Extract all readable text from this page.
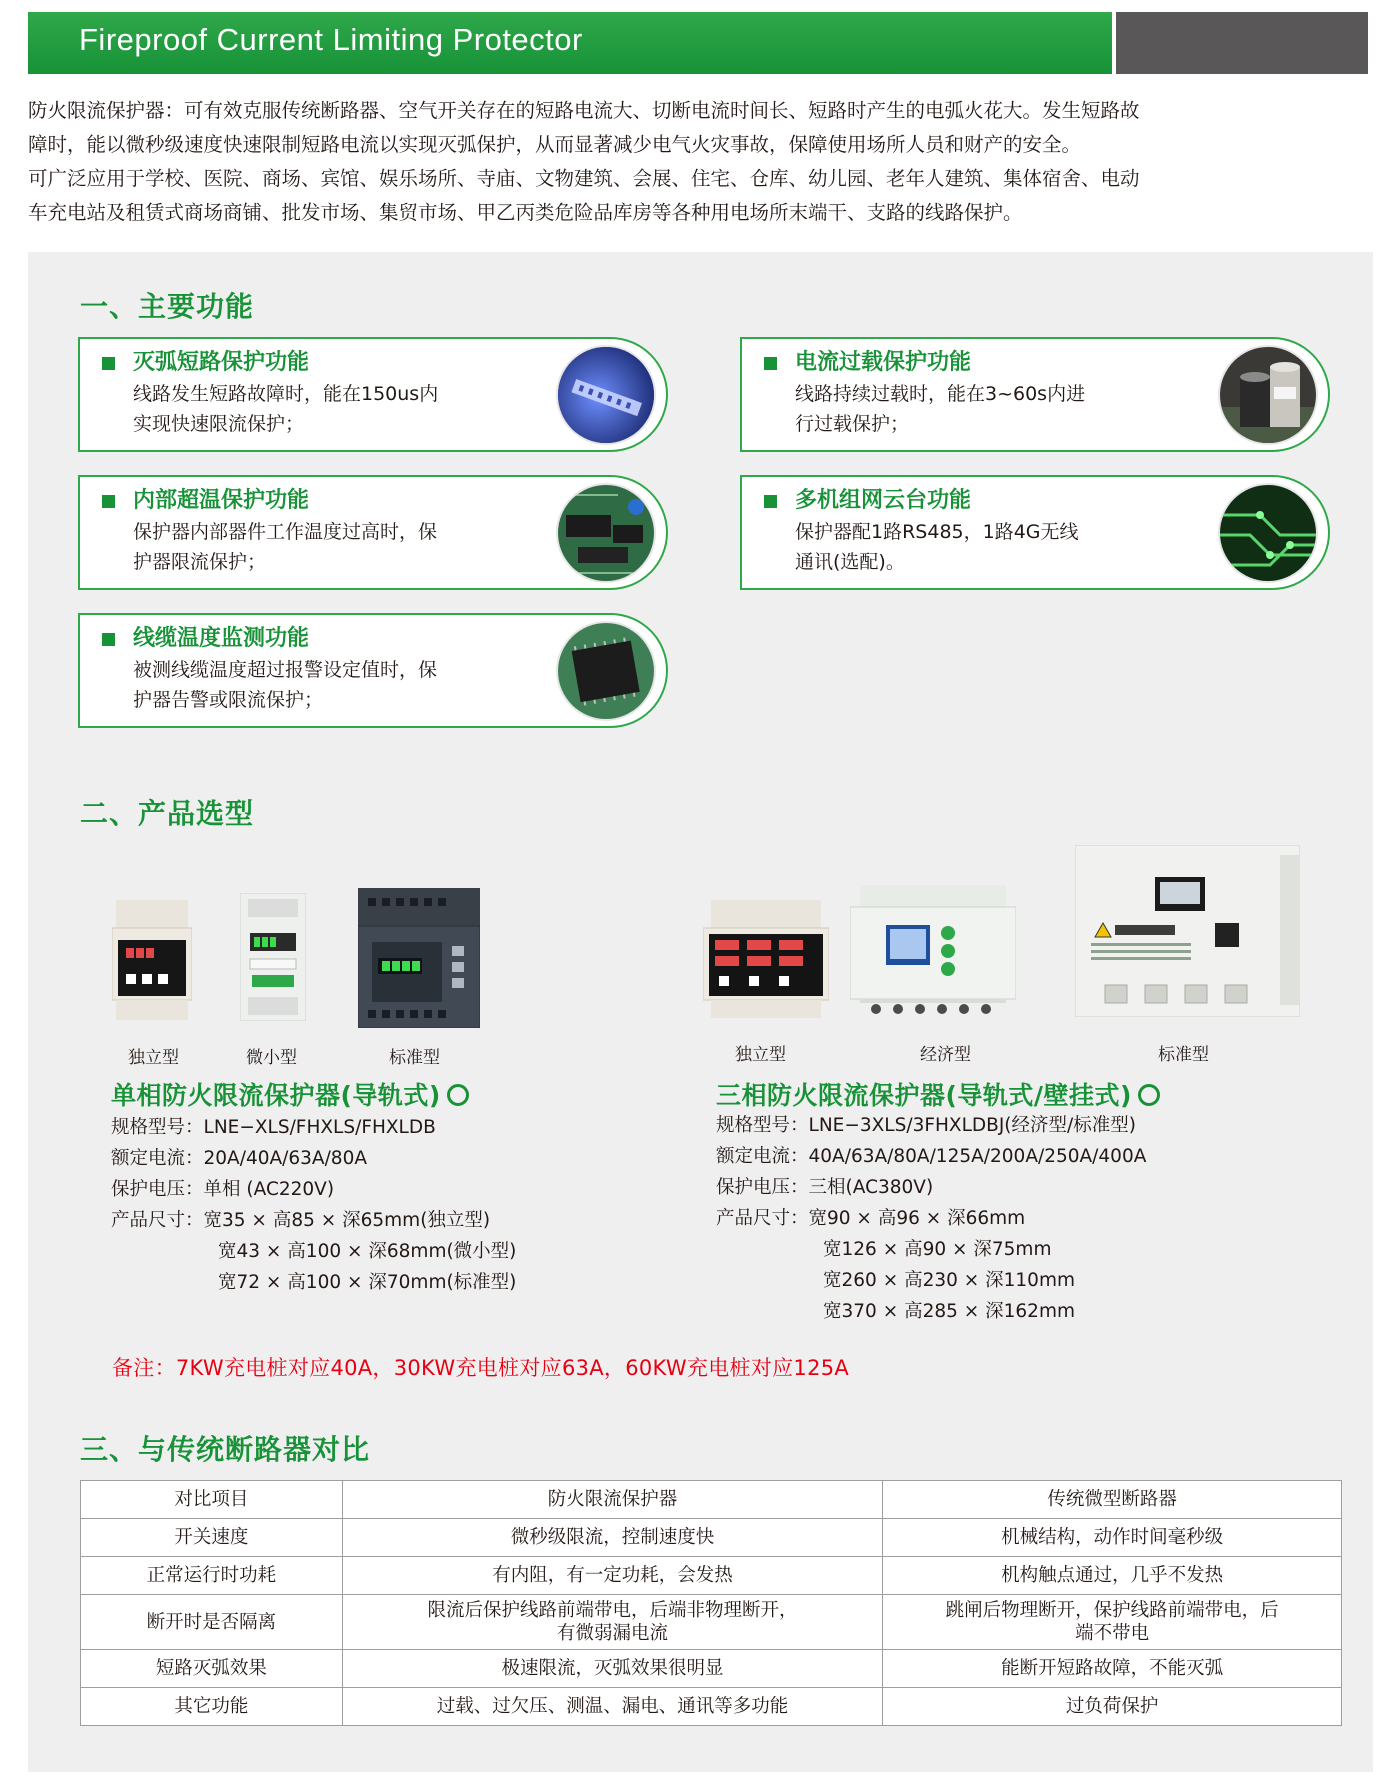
Fireproof Current Limiting Protector

防火限流保护器：可有效克服传统断路器、空气开关存在的短路电流大、切断电流时间长、短路时产生的电弧火花大。发生短路故

障时，能以微秒级速度快速限制短路电流以实现灭弧保护，从而显著减少电气火灾事故，保障使用场所人员和财产的安全。

可广泛应用于学校、医院、商场、宾馆、娱乐场所、寺庙、文物建筑、会展、住宅、仓库、幼儿园、老年人建筑、集体宿舍、电动

车充电站及租赁式商场商铺、批发市场、集贸市场、甲乙丙类危险品库房等各种用电场所末端干、支路的线路保护。

一、主要功能
灭弧短路保护功能
线路发生短路故障时，能在150us内
实现快速限流保护；
电流过载保护功能
线路持续过载时，能在3~60s内进
行过载保护；
内部超温保护功能
保护器内部器件工作温度过高时，保
护器限流保护；
多机组网云台功能
保护器配1路RS485，1路4G无线
通讯(选配)。
线缆温度监测功能
被测线缆温度超过报警设定值时，保
护器告警或限流保护；
二、产品选型
独立型	微小型	标准型	独立型	经济型	标准型
单相防火限流保护器(导轨式)	三相防火限流保护器(导轨式/壁挂式)
规格型号：LNE−XLS/FHXLS/FHXLDB
额定电流：20A/40A/63A/80A
保护电压：单相 (AC220V)
产品尺寸：宽35 × 高85 × 深65mm(独立型)
宽43 × 高100 × 深68mm(微小型)
宽72 × 高100 × 深70mm(标准型)
规格型号：LNE−3XLS/3FHXLDBJ(经济型/标准型)
额定电流：40A/63A/80A/125A/200A/250A/400A
保护电压：三相(AC380V)
产品尺寸：宽90 × 高96 × 深66mm
宽126 × 高90 × 深75mm
宽260 × 高230 × 深110mm
宽370 × 高285 × 深162mm
备注：7KW充电桩对应40A，30KW充电桩对应63A，60KW充电桩对应125A
三、与传统断路器对比
对比项目	防火限流保护器	传统微型断路器
开关速度	微秒级限流，控制速度快	机械结构，动作时间毫秒级
正常运行时功耗	有内阻，有一定功耗，会发热	机构触点通过，几乎不发热
断开时是否隔离	限流后保护线路前端带电，后端非物理断开，有微弱漏电流	跳闸后物理断开，保护线路前端带电，后端不带电
短路灭弧效果	极速限流，灭弧效果很明显	能断开短路故障，不能灭弧
其它功能	过载、过欠压、测温、漏电、通讯等多功能	过负荷保护
